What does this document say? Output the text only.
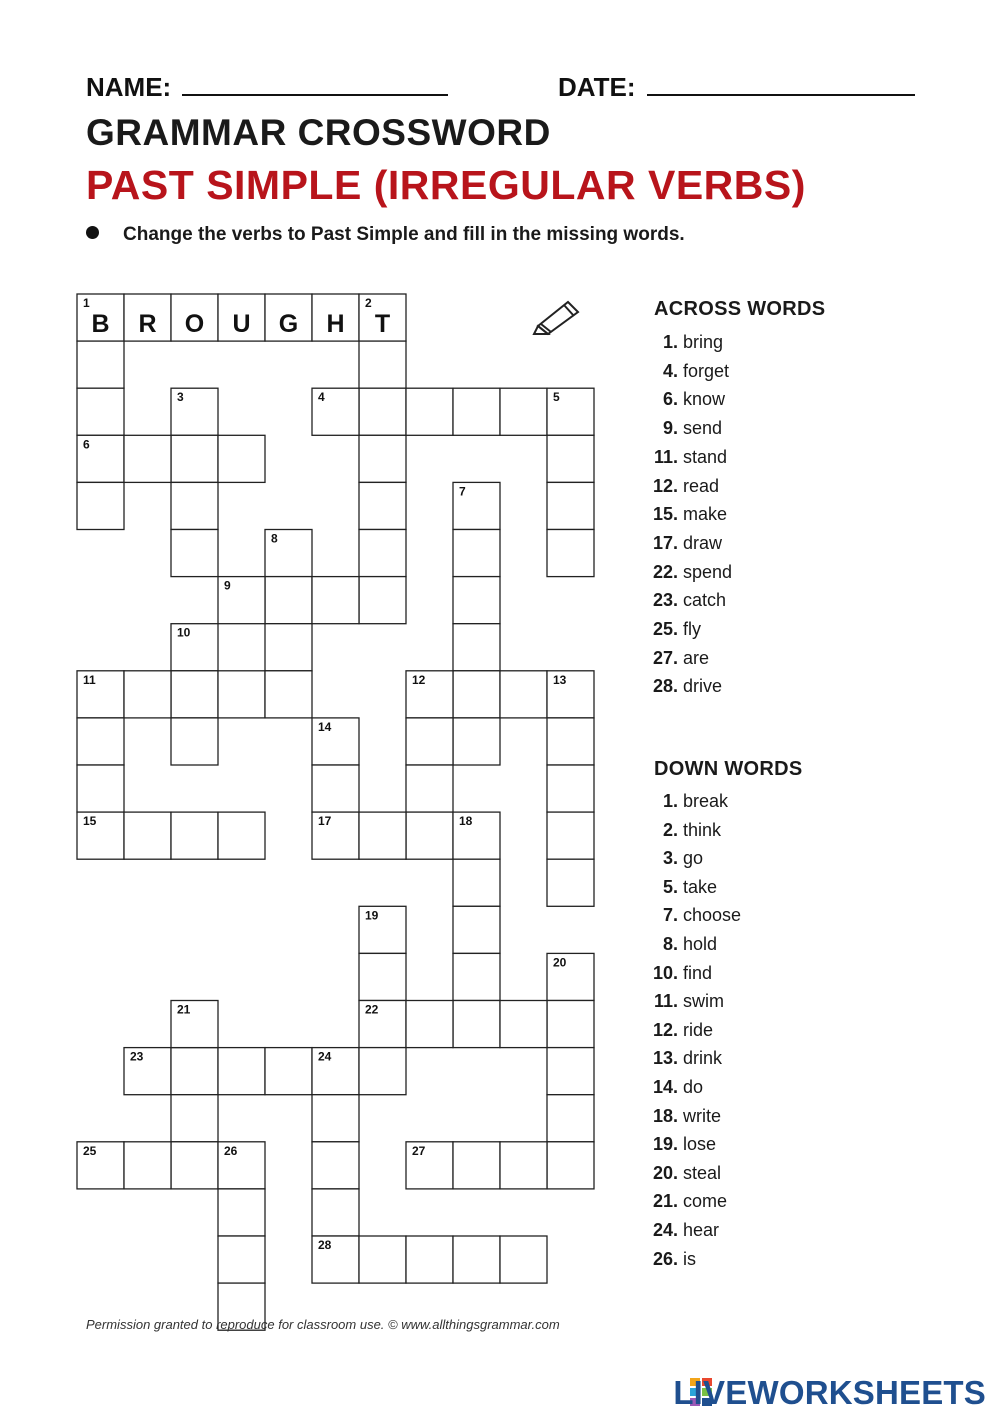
NAME:	DATE:
GRAMMAR CROSSWORD
PAST SIMPLE (IRREGULAR VERBS)
Change the verbs to Past Simple and fill in the missing words.
1	2
3	4	5
6
7
8
9
10
11	12	13
14
15	17	18
19
20
21	22
23	24
25	26	27
28
B R O U G H T
ACROSS WORDS
1. bring
4. forget
6. know
9. send
11. stand
12. read
15. make
17. draw
22. spend
23. catch
25. fly
27. are
28. drive
DOWN WORDS
1. break
2. think
3. go
5. take
7. choose
8. hold
10. find
11. swim
12. ride
13. drink
14. do
18. write
19. lose
20. steal
21. come
24. hear
26. is
Permission granted to reproduce for classroom use. © www.allthingsgrammar.com
LIVEWORKSHEETS
